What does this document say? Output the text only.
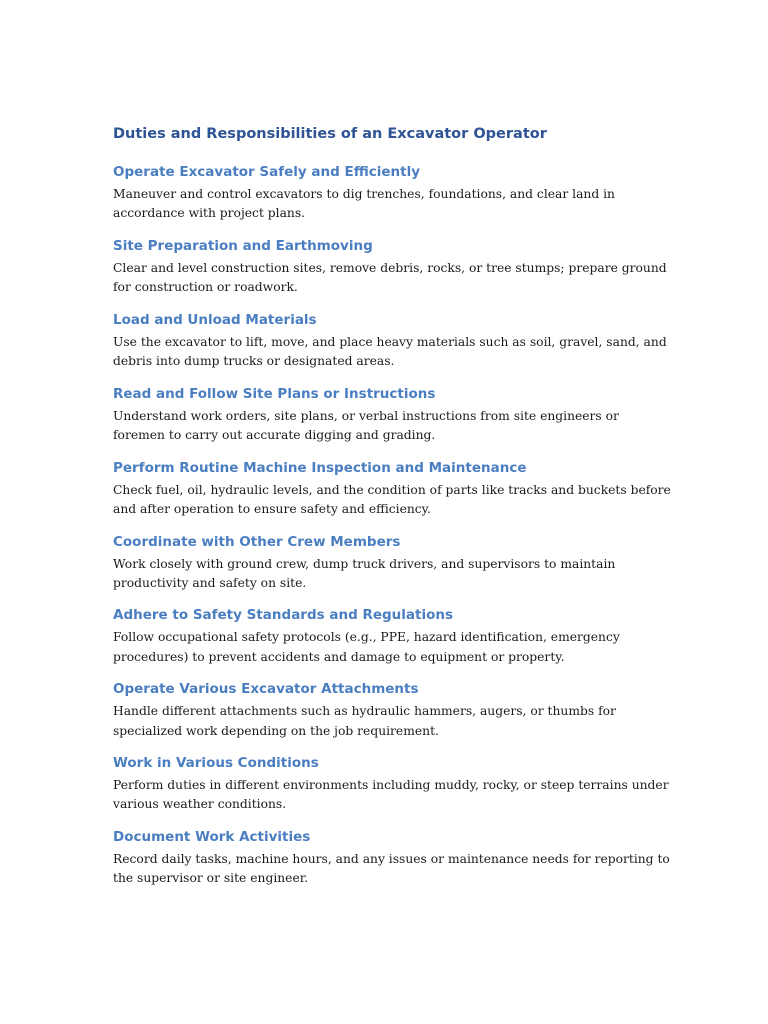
Duties and Responsibilities of an Excavator Operator
Operate Excavator Safely and Efficiently

Maneuver and control excavators to dig trenches, foundations, and clear land in accordance with project plans.

Site Preparation and Earthmoving

Clear and level construction sites, remove debris, rocks, or tree stumps; prepare ground for construction or roadwork.

Load and Unload Materials

Use the excavator to lift, move, and place heavy materials such as soil, gravel, sand, and debris into dump trucks or designated areas.

Read and Follow Site Plans or Instructions

Understand work orders, site plans, or verbal instructions from site engineers or foremen to carry out accurate digging and grading.

Perform Routine Machine Inspection and Maintenance

Check fuel, oil, hydraulic levels, and the condition of parts like tracks and buckets before and after operation to ensure safety and efficiency.

Coordinate with Other Crew Members

Work closely with ground crew, dump truck drivers, and supervisors to maintain productivity and safety on site.

Adhere to Safety Standards and Regulations

Follow occupational safety protocols (e.g., PPE, hazard identification, emergency procedures) to prevent accidents and damage to equipment or property.

Operate Various Excavator Attachments

Handle different attachments such as hydraulic hammers, augers, or thumbs for specialized work depending on the job requirement.

Work in Various Conditions

Perform duties in different environments including muddy, rocky, or steep terrains under various weather conditions.

Document Work Activities

Record daily tasks, machine hours, and any issues or maintenance needs for reporting to the supervisor or site engineer.
